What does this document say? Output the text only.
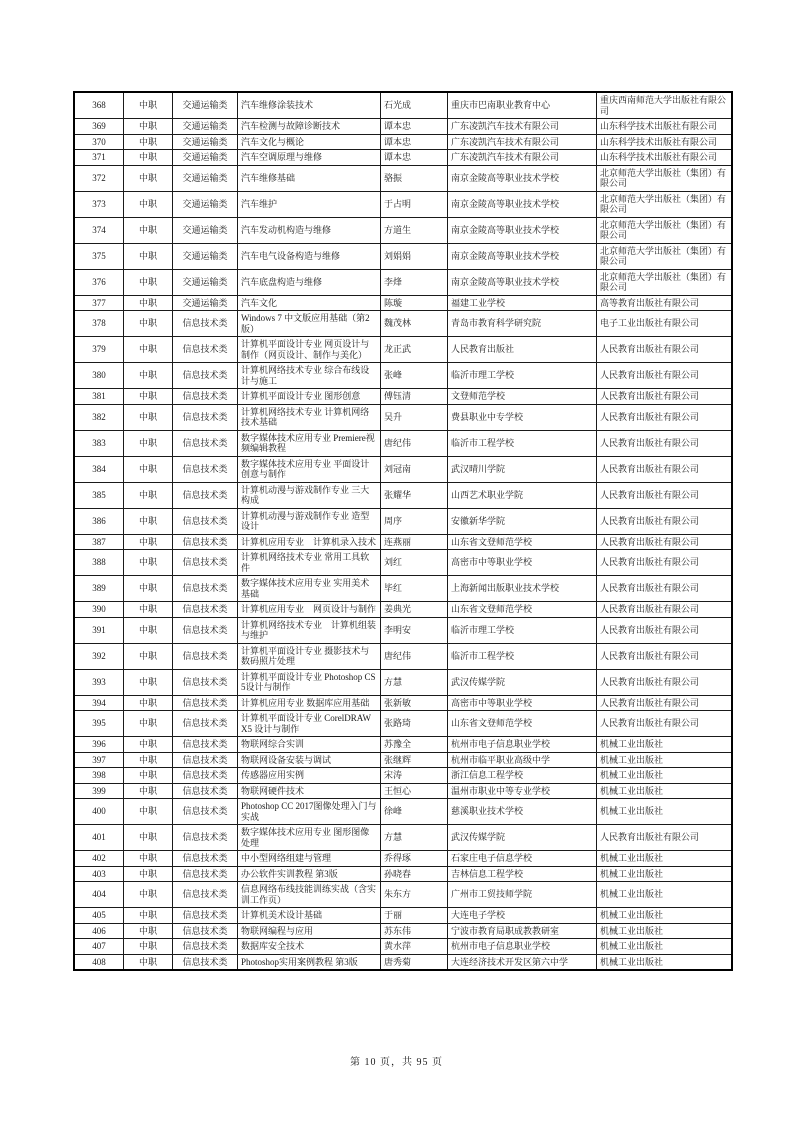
368	中职	交通运输类	汽车维修涂装技术	石光成	重庆市巴南职业教育中心	重庆西南师范大学出版社有限公司
369	中职	交通运输类	汽车检测与故障诊断技术	谭本忠	广东凌凯汽车技术有限公司	山东科学技术出版社有限公司
370	中职	交通运输类	汽车文化与概论	谭本忠	广东凌凯汽车技术有限公司	山东科学技术出版社有限公司
371	中职	交通运输类	汽车空调原理与维修	谭本忠	广东凌凯汽车技术有限公司	山东科学技术出版社有限公司
372	中职	交通运输类	汽车维修基础	骆振	南京金陵高等职业技术学校	北京师范大学出版社（集团）有限公司
373	中职	交通运输类	汽车维护	于占明	南京金陵高等职业技术学校	北京师范大学出版社（集团）有限公司
374	中职	交通运输类	汽车发动机构造与维修	方道生	南京金陵高等职业技术学校	北京师范大学出版社（集团）有限公司
375	中职	交通运输类	汽车电气设备构造与维修	刘娟娟	南京金陵高等职业技术学校	北京师范大学出版社（集团）有限公司
376	中职	交通运输类	汽车底盘构造与维修	李烽	南京金陵高等职业技术学校	北京师范大学出版社（集团）有限公司
377	中职	交通运输类	汽车文化	陈璇	福建工业学校	高等教育出版社有限公司
378	中职	信息技术类	Windows 7 中文版应用基础（第2版）	魏茂林	青岛市教育科学研究院	电子工业出版社有限公司
379	中职	信息技术类	计算机平面设计专业 网页设计与制作（网页设计、制作与美化）	龙正武	人民教育出版社	人民教育出版社有限公司
380	中职	信息技术类	计算机网络技术专业 综合布线设计与施工	张峰	临沂市理工学校	人民教育出版社有限公司
381	中职	信息技术类	计算机平面设计专业 图形创意	傅钰清	文登师范学校	人民教育出版社有限公司
382	中职	信息技术类	计算机网络技术专业 计算机网络技术基础	吴升	费县职业中专学校	人民教育出版社有限公司
383	中职	信息技术类	数字媒体技术应用专业 Premiere视频编辑教程	唐纪伟	临沂市工程学校	人民教育出版社有限公司
384	中职	信息技术类	数字媒体技术应用专业 平面设计创意与制作	刘冠南	武汉晴川学院	人民教育出版社有限公司
385	中职	信息技术类	计算机动漫与游戏制作专业 三大构成	张耀华	山西艺术职业学院	人民教育出版社有限公司
386	中职	信息技术类	计算机动漫与游戏制作专业 造型设计	周序	安徽新华学院	人民教育出版社有限公司
387	中职	信息技术类	计算机应用专业　计算机录入技术	连燕丽	山东省文登师范学校	人民教育出版社有限公司
388	中职	信息技术类	计算机网络技术专业 常用工具软件	刘红	高密市中等职业学校	人民教育出版社有限公司
389	中职	信息技术类	数字媒体技术应用专业 实用美术基础	毕红	上海新闻出版职业技术学校	人民教育出版社有限公司
390	中职	信息技术类	计算机应用专业　网页设计与制作	姜典光	山东省文登师范学校	人民教育出版社有限公司
391	中职	信息技术类	计算机网络技术专业　计算机组装与维护	李明安	临沂市理工学校	人民教育出版社有限公司
392	中职	信息技术类	计算机平面设计专业 摄影技术与数码照片处理	唐纪伟	临沂市工程学校	人民教育出版社有限公司
393	中职	信息技术类	计算机平面设计专业 Photoshop CS5设计与制作	方慧	武汉传媒学院	人民教育出版社有限公司
394	中职	信息技术类	计算机应用专业 数据库应用基础	张新敏	高密市中等职业学校	人民教育出版社有限公司
395	中职	信息技术类	计算机平面设计专业 CorelDRAW X5 设计与制作	张路琦	山东省文登师范学校	人民教育出版社有限公司
396	中职	信息技术类	物联网综合实训	苏豫全	杭州市电子信息职业学校	机械工业出版社
397	中职	信息技术类	物联网设备安装与调试	张继辉	杭州市临平职业高级中学	机械工业出版社
398	中职	信息技术类	传感器应用实例	宋涛	浙江信息工程学校	机械工业出版社
399	中职	信息技术类	物联网硬件技术	王恒心	温州市职业中等专业学校	机械工业出版社
400	中职	信息技术类	Photoshop CC 2017图像处理入门与实战	徐峰	慈溪职业技术学校	机械工业出版社
401	中职	信息技术类	数字媒体技术应用专业 图形图像处理	方慧	武汉传媒学院	人民教育出版社有限公司
402	中职	信息技术类	中小型网络组建与管理	乔得琢	石家庄电子信息学校	机械工业出版社
403	中职	信息技术类	办公软件实训教程 第3版	孙晓春	吉林信息工程学校	机械工业出版社
404	中职	信息技术类	信息网络布线技能训练实战（含实训工作页）	朱东方	广州市工贸技师学院	机械工业出版社
405	中职	信息技术类	计算机美术设计基础	于丽	大连电子学校	机械工业出版社
406	中职	信息技术类	物联网编程与应用	苏东伟	宁波市教育局职成教教研室	机械工业出版社
407	中职	信息技术类	数据库安全技术	黄水萍	杭州市电子信息职业学校	机械工业出版社
408	中职	信息技术类	Photoshop实用案例教程 第3版	唐秀菊	大连经济技术开发区第六中学	机械工业出版社
第 10 页，共 95 页
